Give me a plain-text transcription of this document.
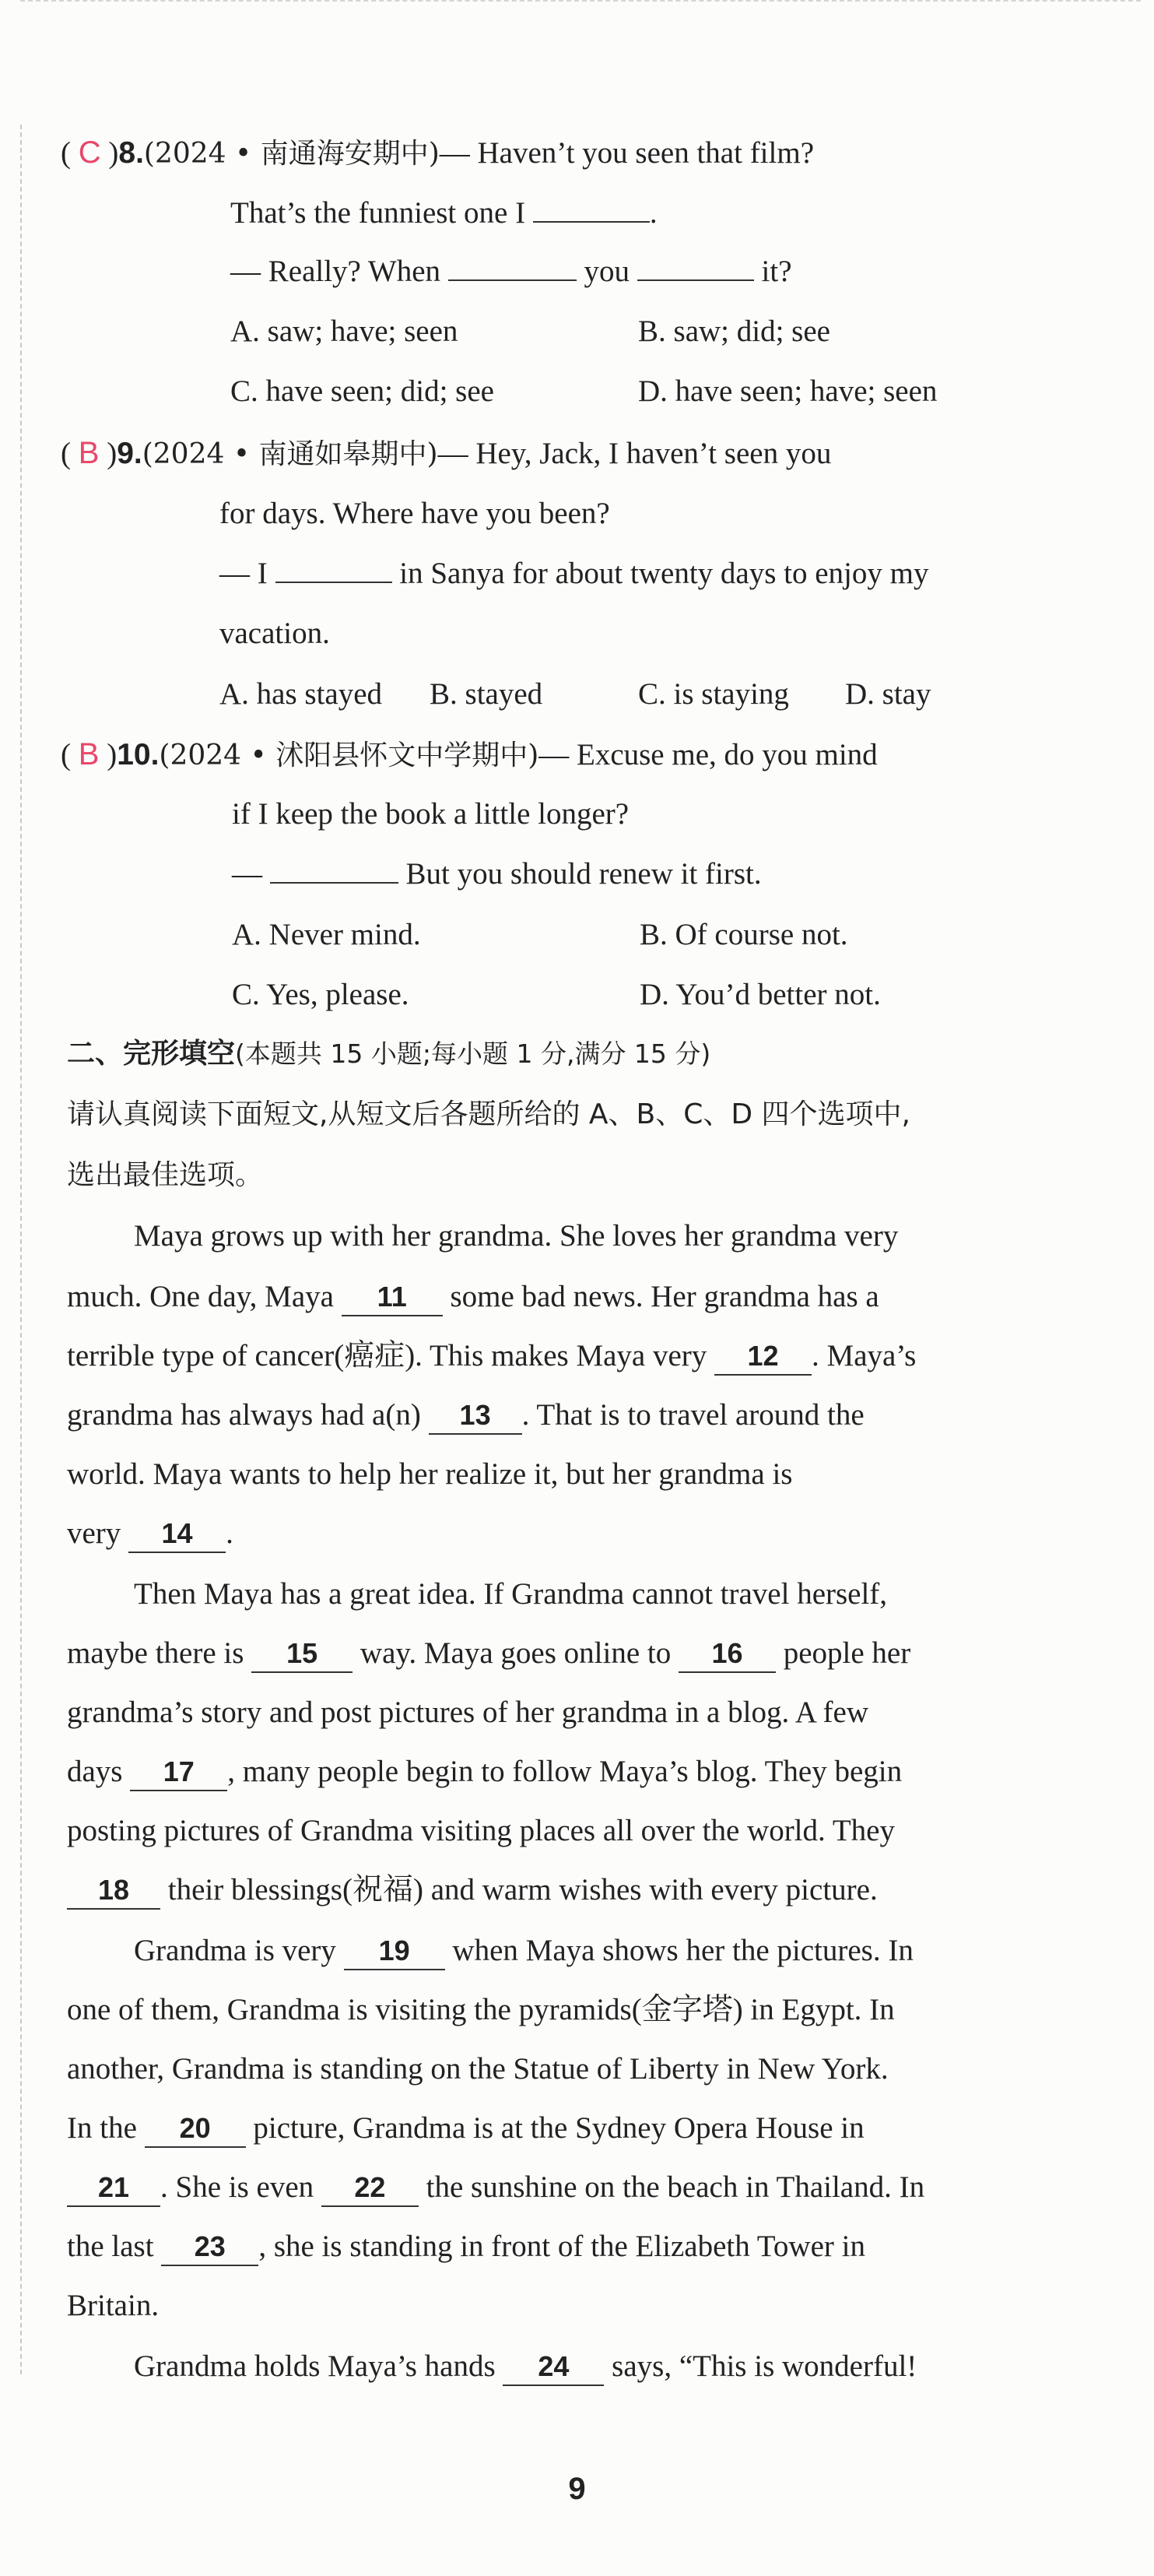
( C )8.(2024 • 南通海安期中)— Haven’t you seen that film?
That’s the funniest one I	.
— Really? When	you	it?
A. saw; have; seen	B. saw; did; see
C. have seen; did; see	D. have seen; have; seen
( B )9.(2024 • 南通如皋期中)— Hey, Jack, I haven’t seen you
for days. Where have you been?
— I	in Sanya for about twenty days to enjoy my
vacation.
A. has stayed B. stayed	C. is staying D. stay
( B )10.(2024 • 沭阳县怀文中学期中)— Excuse me, do you mind
if I keep the book a little longer?
—	But you should renew it first.
A. Never mind.	B. Of course not.
C. Yes, please.	D. You’d better not.
二、完形填空(本题共 15 小题;每小题 1 分,满分 15 分)
请认真阅读下面短文,从短文后各题所给的 A、B、C、D 四个选项中,
选出最佳选项。
Maya grows up with her grandma. She loves her grandma very
much. One day, Maya 11 some bad news. Her grandma has a
terrible type of cancer(癌症). This makes Maya very 12 . Maya’s
grandma has always had a(n) 13 . That is to travel around the
world. Maya wants to help her realize it, but her grandma is
very 14 .
Then Maya has a great idea. If Grandma cannot travel herself,
maybe there is 15 way. Maya goes online to 16 people her
grandma’s story and post pictures of her grandma in a blog. A few
days 17 , many people begin to follow Maya’s blog. They begin
posting pictures of Grandma visiting places all over the world. They
18 their blessings(祝福) and warm wishes with every picture.
Grandma is very 19 when Maya shows her the pictures. In
one of them, Grandma is visiting the pyramids(金字塔) in Egypt. In
another, Grandma is standing on the Statue of Liberty in New York.
In the 20 picture, Grandma is at the Sydney Opera House in
21 . She is even 22 the sunshine on the beach in Thailand. In
the last 23 , she is standing in front of the Elizabeth Tower in
Britain.
Grandma holds Maya’s hands 24 says, “This is wonderful!
9
